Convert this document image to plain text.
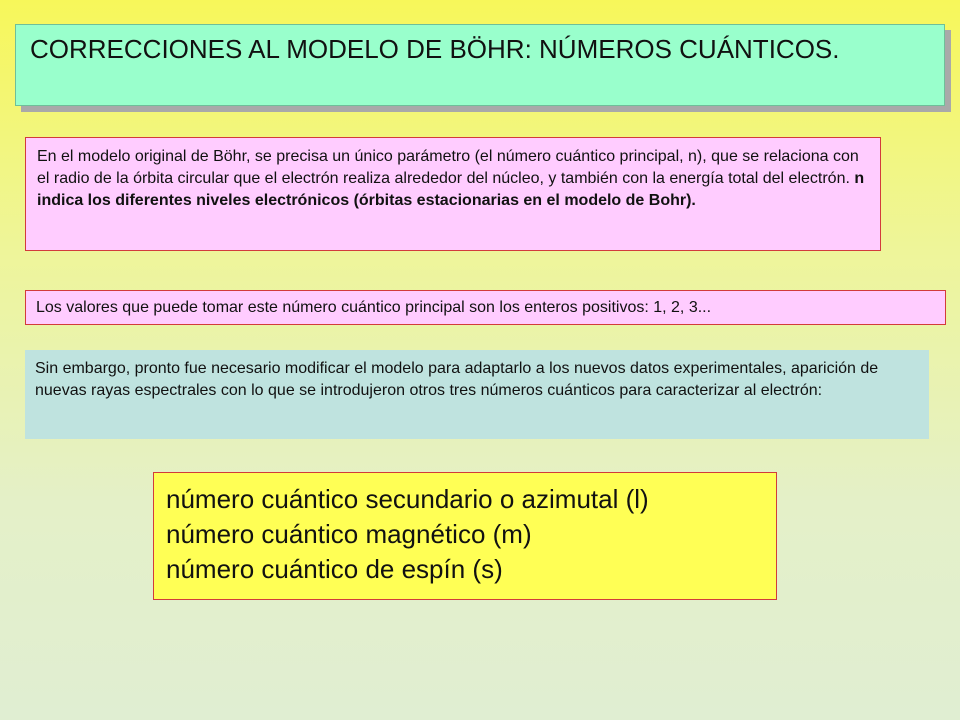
CORRECCIONES AL MODELO DE BÖHR: NÚMEROS CUÁNTICOS.
En el modelo original de Böhr, se precisa un único parámetro (el número cuántico principal, n), que se relaciona con el radio de la órbita circular que el electrón realiza alrededor del núcleo, y también con la energía total del electrón. n indica los diferentes niveles electrónicos (órbitas estacionarias en el modelo de Bohr).
Los valores que puede tomar este número cuántico principal son los enteros positivos: 1, 2, 3...
Sin embargo, pronto fue necesario modificar el modelo para adaptarlo a los nuevos datos experimentales, aparición de nuevas rayas espectrales con lo que se introdujeron otros tres números cuánticos para caracterizar al electrón:
número cuántico secundario o azimutal (l)
número cuántico magnético (m)
número cuántico de espín (s)
